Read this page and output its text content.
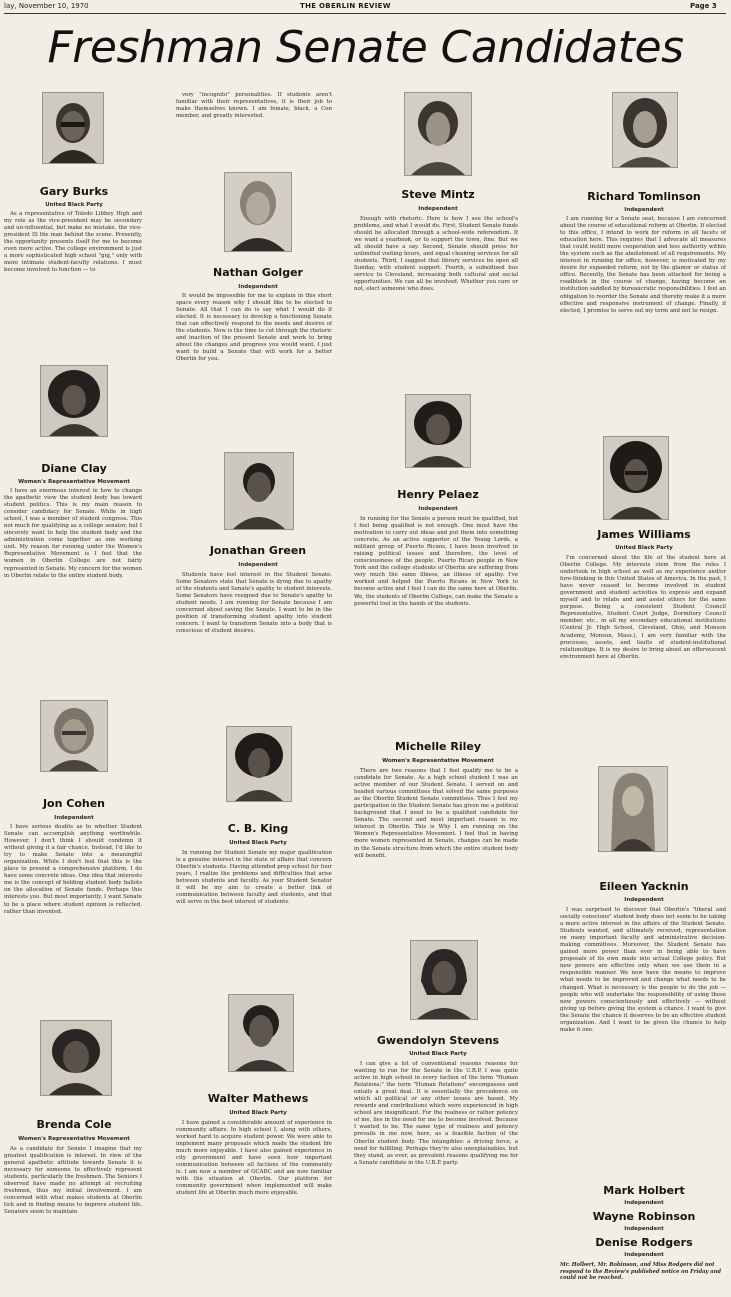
lay, November 10, 1970	THE OBERLIN REVIEW	Page 3
Freshman Senate Candidates
Gary Burks
United Black Party
As a representative of Toledo Libbey High and my role as the vice-president may be secondary and un-influential, but make no mistake, the vice-president IS the man behind the scene. Presently, the opportunity presents itself for me to become even more active. The college environment is just a more sophisticated high school "gig," only with more intimate student-faculty relations. I must become involved to function — to
Diane Clay
Women's Representative Movement
I have an enormous interest in how to change the apathetic view the student body has toward student politics. This is my main reason to consider candidacy for Senate. While in high school, I was a member of student congress. This not much for qualifying as a college senator, but I sincerely want to help the student body and the administration come together as one working unit. My reason for running under the Women's Representative Movement is I feel that the women in Oberlin College are not fairly represented in Senate. My concern for the women in Oberlin relate to the entire student body.
Jon Cohen
Independent
I have serious doubts as to whether Student Senate can accomplish anything worthwhile. However, I don't think I should condemn it without giving it a fair chance. Instead, I'd like to try to make Senate into a meaningful organization. While I don't feel that this is the place to present a comprehensive platform, I do have some concrete ideas. One idea that interests me is the concept of holding student body ballots on the allocation of Senate funds. Perhaps this interests you. But most importantly, I want Senate to be a place where student opinion is reflected, rather than invented.
Brenda Cole
Women's Representative Movement
As a candidate for Senate I imagine that my greatest qualification is interest. In view of the general apathetic attitude towards Senate it is necessary for someone to effectively represent students, particularly the freshmen. The Seniors I observed have made no attempt at recruiting freshmen, thus my initial involvement. I am concerned with what makes students at Oberlin tick and in finding means to improve student life. Senators seem to maintain
very "incognito" personalities. If students aren't familiar with their representatives, it is their job to make themselves known. I am female, black, a Con member, and greatly interested.
Nathan Golger
Independent
It would be impossible for me to explain in this short space every reason why I should like to be elected to Senate. All that I can do is say what I would do if elected. It is necessary to develop a functioning Senate that can effectively respond to the needs and desires of the students. Now is the time to cut through the rhetoric and inaction of the present Senate and work to bring about the changes and progress you would want. I just want to build a Senate that will work for a better Oberlin for you.
Jonathan Green
Independent
Students have lost interest in the Student Senate. Some Senators state that Senate is dying due to apathy of the students and Senate's apathy to student interests. Some Senators have resigned due to Senate's apathy to student needs. I am running for Senate because I am concerned about saving the Senate. I want to be in the position of transforming student apathy into student concern. I want to transform Senate into a body that is conscious of student desires.
C. B. King
United Black Party
In running for Student Senate my major qualification is a genuine interest in the state of affairs that concern Oberlin's students. Having attended prep school for four years, I realize the problems and difficulties that arise between students and faculty. As your Student Senator it will be my aim to create a better link of communication between faculty and students, and that will serve in the best interest of students.
Walter Mathews
United Black Party
I have gained a considerable amount of experience in community affairs. In high school I, along with others, worked hard to acquire student power. We were able to implement many proposals which made the student life much more enjoyable. I have also gained experience in city government and have seen how important communication between all factions of the community is. I am now a member of OCABC and am now familiar with the situation at Oberlin. Our platform for community government when implemented will make student life at Oberlin much more enjoyable.
Steve Mintz
Independent
Enough with rhetoric. Here is how I see the school's problems, and what I would do. First, Student Senate funds should be allocated through a school-wide referendum. If we want a yearbook, or to support the town, fine. But we all should have a say. Second, Senate should press for unlimited visiting hours, and equal cleaning services for all students. Third, I suggest that library services be open all Sunday, with student support. Fourth, a subsidized bus service to Cleveland, increasing both cultural and social opportunities. We can all be involved. Whether you care or not, elect someone who does.
Henry Pelaez
Independent
In running for the Senate a person must be qualified, but I feel being qualified is not enough. One must have the motivation to carry out ideas and put them into something concrete. As an active supporter of the Young Lords, a militant group of Puerto Ricans, I have been involved in raising political issues and therefore, the level of consciousness of the people. Puerto Rican people in New York and the college students of Oberlin are suffering from very much the same illness, an illness of apathy. I've worked and helped the Puerto Ricans in New York to become active and I feel I can do the same here at Oberlin. We, the students of Oberlin College, can make the Senate a powerful tool in the hands of the students.
Michelle Riley
Women's Representative Movement
There are two reasons that I feel qualify me to be a candidate for Senate. As a high school student I was an active member of our Student Senate. I served on and headed various committees that solved the same purposes as the Oberlin Student Senate committees. Thus I feel my participation in the Student Senate has given me a political background that I need to be a qualified candidate for Senate. The second and most important reason is my interest in Oberlin. This is Why I am running on the Women's Representative Movement. I feel that in having more women represented in Senate, changes can be made in the Senate structure from which the entire student body will benefit.
Gwendolyn Stevens
United Black Party
I can give a lot of conventional reasons reasons for wanting to run for the Senate in the U.B.P. I was quite active in high school in every faction of the term "Human Relations;" the term "Human Relations" encompasses and entails a great deal. It is essentially the precedence on which all political or any other issues are based. My rewards and contributions which were experienced in high school are insignificant. For the realness or rather potency of me, lies in the need for me to become involved. Because I wanted to be. The same type of realness and potency prevails in me now, here, as a feasible faction of the Oberlin student body. The intangibles: a driving force, a need for fulfilling. Perhaps they're also unexplainables, but they stand, as ever, as prevalent reasons qualifying me for a Senate candidate in the U.B.P. party.
Richard Tomlinson
Independent
I am running for a Senate seat, because I am concerned about the course of educational reform at Oberlin. If elected to this office, I intend to work for reform in all facets of education here. This requires that I advocate all measures that could instill more cooperation and less authority within the system such as the abolishment of all requirements. My interest in running for office, however, is motivated by my desire for expanded reform, not by the glamor or status of office. Recently, the Senate has been attacked for being a roadblock in the course of change, having become an institution saddled by bureaucratic responsibilities. I feel an obligation to reorder the Senate and thereby make it a more effective and responsive instrument of change. Finally, if elected, I promise to serve out my term and not to resign.
James Williams
United Black Party
I'm concerned about the life of the student here at Oberlin College. My interests stem from the roles I undertook in high school as well as my experience and/or fore-thinking in this United States of America. In the past, I have never ceased to become involved in student government and student activities to express and expand myself and to relate and and assist others for the same purpose. Being a consistent Student Council Representative, Student Court Judge, Dormitory Council member, etc., in all my secondary educational institutions (Central Jr. High School, Cleveland, Ohio, and Monson Academy, Monson, Mass.), I am very familiar with the processes, assets, and faults of student-institutional relationships. It is my desire to bring about an effervescent environment here at Oberlin.
Eileen Yacknin
Independent
I was surprised to discover that Oberlin's "liberal and socially conscious" student body does not seem to be taking a more active interest in the affairs of the Student Senate. Students wanted, and ultimately received, representation on many important faculty and administrative decision-making committees. Moreover, the Student Senate has gained more power than ever in being able to have proposals of its own made into actual College policy. But new powers are effective only when we use them in a responsible manner. We now have the means to improve what needs to be improved and change what needs to be changed. What is necessary is the people to do the job — people who will undertake the responsibility of using these new powers conscientiously and effectively — without giving up before giving the system a chance. I want to give the Senate the chance it deserves to be an effective student organization. And I want to be given the chance to help make it one.
Mark Holbert
Independent
Wayne Robinson
Independent
Denise Rodgers
Independent
Mr. Holbert, Mr. Robinson, and Miss Rodgers did not respond to the Review's published notice on Friday and could not be reached.
